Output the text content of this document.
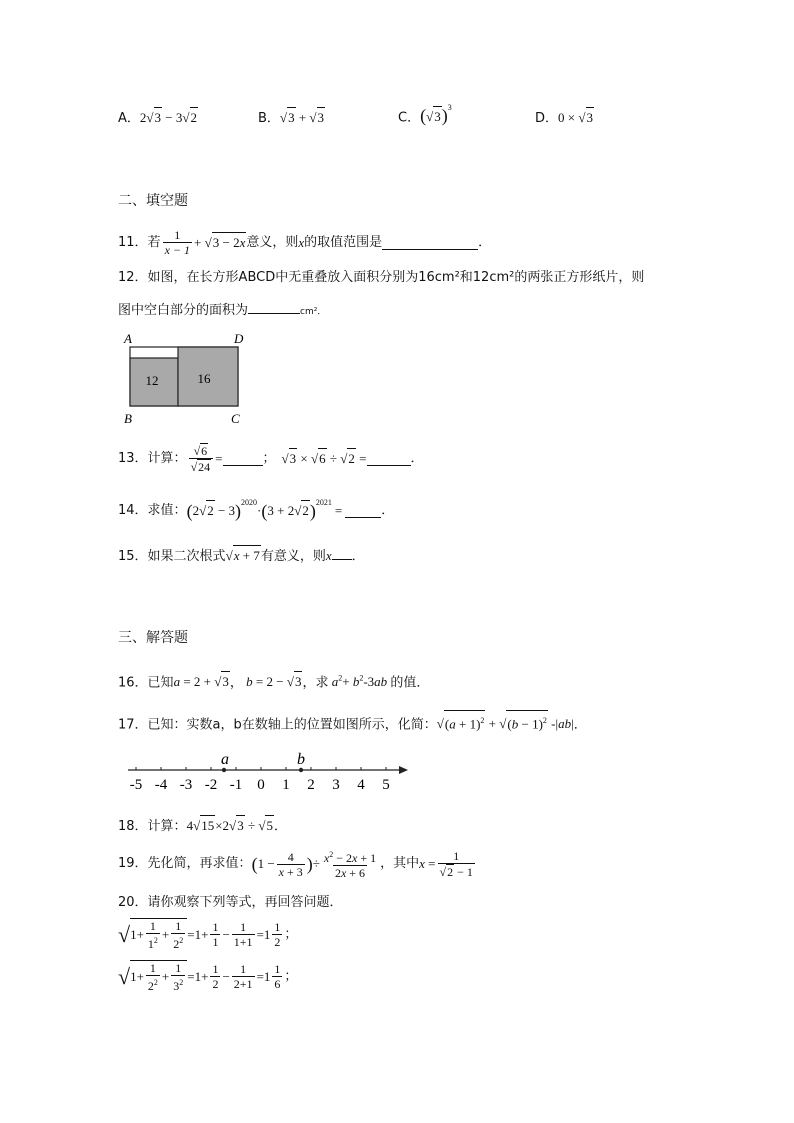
A．2 √ 3 − 3 √ 2	B． √ 3 + √ 3	C．( √ 3)$^3$
D．0 × √ 3
二、填空题
11． 若 $\frac{1}{x - 1}$ + √ 3 − 2x 意义，则 x 的取值范围是	．
12．如图，在长方形ABCD中无重叠放入面积分别为16cm²和12cm²的两张正方形纸片，则
图中空白部分的面积为	cm²．
12	16
A	D
B	C
13． 计算： √ 6
√ 24 =	； √	3 × √ 6 ÷ √ 2 =	．
14． 求值： ( 2 √ 2 − 3 )$^{2020}$
· ( 3 + 2 √ 2 )$^{2021}$
=	．
15．如果二次根式 √ x + 7有意义，则x ．
三、解答题
16．已知a = 2 + √ 3， b = 2 − √ 3，求 $a^2+ b^2-3ab$ 的值．
17．已知：实数a，b在数轴上的位置如图所示，化简： √ $(a + 1)^2$ + √ $(b - 1)^2$ -|ab|．
-5 -4 -3 -2 -1 0 1 2 3 4 5
a	b
18．计算：4 √ 15×2 √ 3 ÷ √ 5．
19． 先化简，再求值： ( $1 - \frac{4}{x + 3}$ ) ÷ $\frac{x^2 - 2x + 1}{2x + 6}$ ，其中 x = 1
√ 2 − 1
20．请你观察下列等式，再回答问题．
√ $1+ \frac{1}{1^2} + \frac{1}{2^2} =1+ \frac{1}{1} - \frac{1}{1+1} =1 \frac{1}{2}$ ；
√ $1+ \frac{1}{2^2} + \frac{1}{3^2} =1+ \frac{1}{2} - \frac{1}{2+1} =1 \frac{1}{6}$ ；
